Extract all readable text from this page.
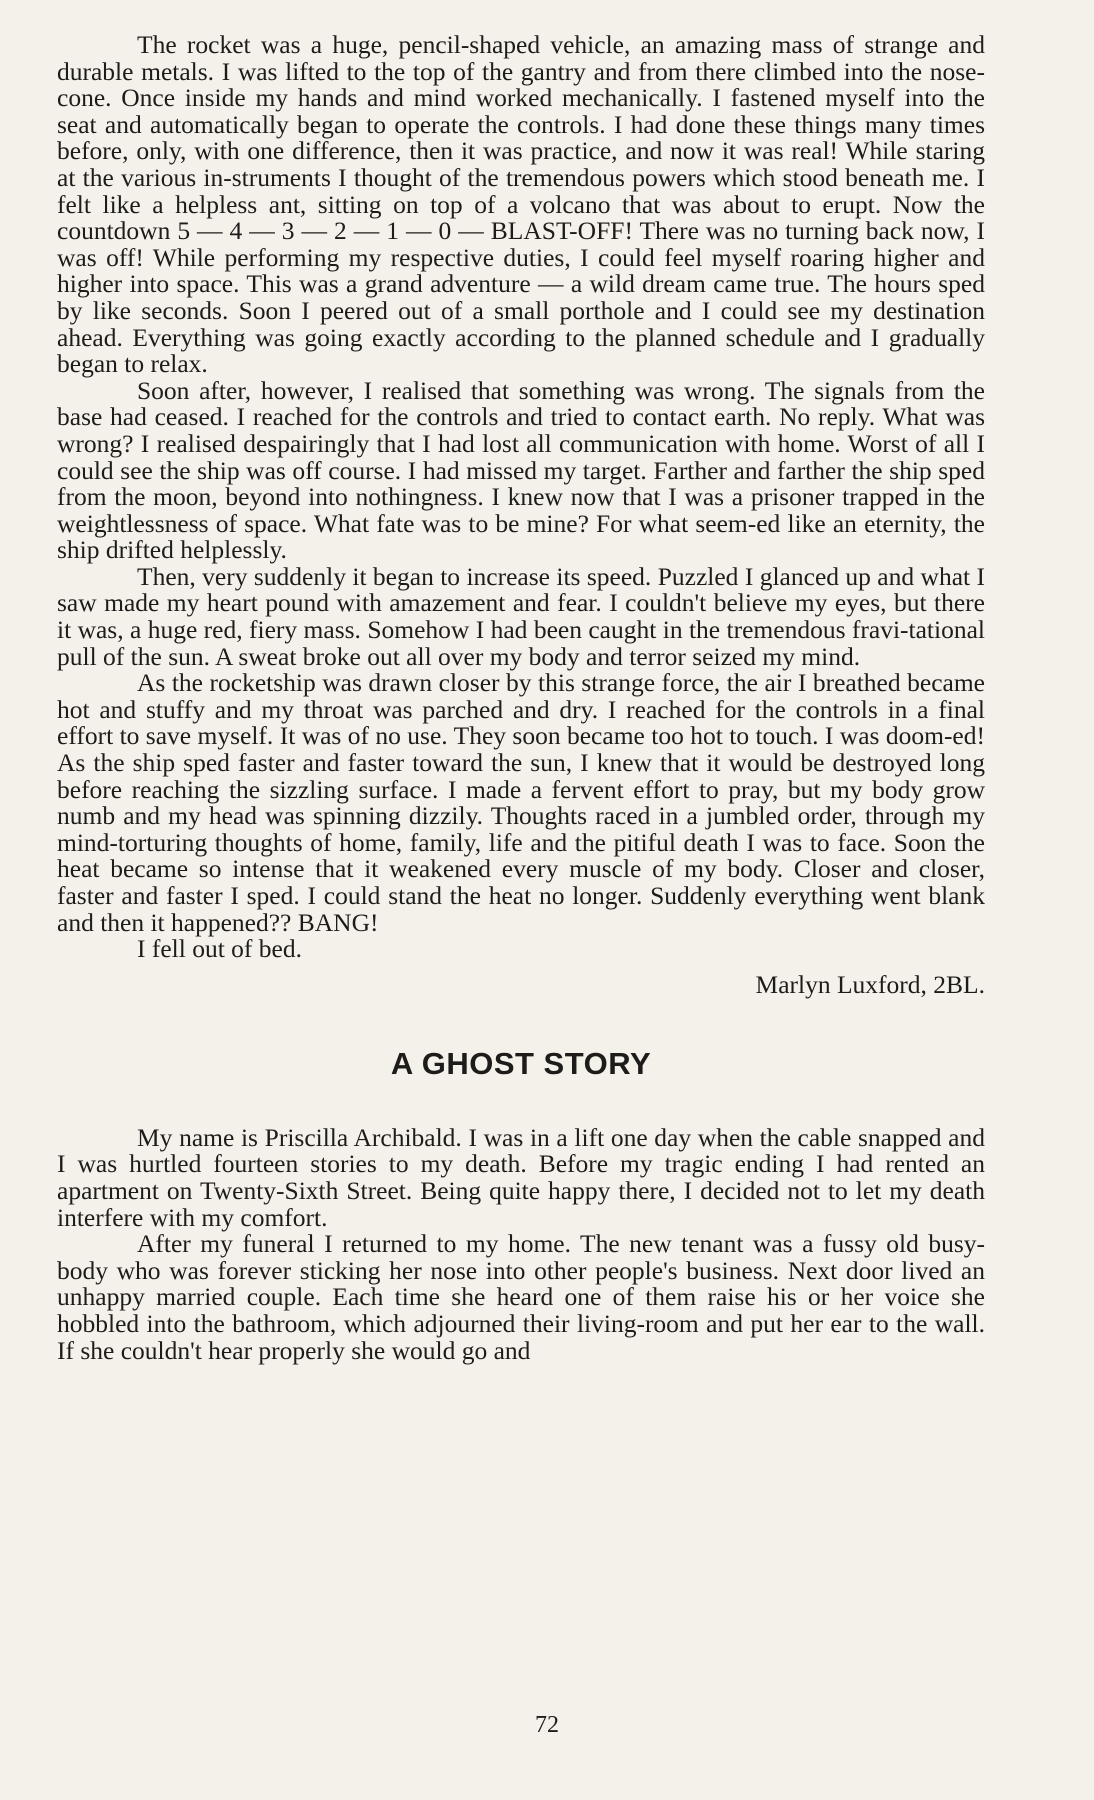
The rocket was a huge, pencil-shaped vehicle, an amazing mass of strange and durable metals. I was lifted to the top of the gantry and from there climbed into the nose-cone. Once inside my hands and mind worked mechanically. I fastened myself into the seat and automatically began to operate the controls. I had done these things many times before, only, with one difference, then it was practice, and now it was real! While staring at the various in-struments I thought of the tremendous powers which stood beneath me. I felt like a helpless ant, sitting on top of a volcano that was about to erupt. Now the countdown 5 — 4 — 3 — 2 — 1 — 0 — BLAST-OFF! There was no turning back now, I was off! While performing my respective duties, I could feel myself roaring higher and higher into space. This was a grand adventure — a wild dream came true. The hours sped by like seconds. Soon I peered out of a small porthole and I could see my destination ahead. Everything was going exactly according to the planned schedule and I gradually began to relax.

Soon after, however, I realised that something was wrong. The signals from the base had ceased. I reached for the controls and tried to contact earth. No reply. What was wrong? I realised despairingly that I had lost all communication with home. Worst of all I could see the ship was off course. I had missed my target. Farther and farther the ship sped from the moon, beyond into nothingness. I knew now that I was a prisoner trapped in the weightlessness of space. What fate was to be mine? For what seem-ed like an eternity, the ship drifted helplessly.

Then, very suddenly it began to increase its speed. Puzzled I glanced up and what I saw made my heart pound with amazement and fear. I couldn't believe my eyes, but there it was, a huge red, fiery mass. Somehow I had been caught in the tremendous fravi-tational pull of the sun. A sweat broke out all over my body and terror seized my mind.

As the rocketship was drawn closer by this strange force, the air I breathed became hot and stuffy and my throat was parched and dry. I reached for the controls in a final effort to save myself. It was of no use. They soon became too hot to touch. I was doom-ed! As the ship sped faster and faster toward the sun, I knew that it would be destroyed long before reaching the sizzling surface. I made a fervent effort to pray, but my body grow numb and my head was spinning dizzily. Thoughts raced in a jumbled order, through my mind-torturing thoughts of home, family, life and the pitiful death I was to face. Soon the heat became so intense that it weakened every muscle of my body. Closer and closer, faster and faster I sped. I could stand the heat no longer. Suddenly everything went blank and then it happened?? BANG!

I fell out of bed.

Marlyn Luxford, 2BL.

A GHOST STORY

My name is Priscilla Archibald. I was in a lift one day when the cable snapped and I was hurtled fourteen stories to my death. Before my tragic ending I had rented an apartment on Twenty-Sixth Street. Being quite happy there, I decided not to let my death interfere with my comfort.

After my funeral I returned to my home. The new tenant was a fussy old busy-body who was forever sticking her nose into other people's business. Next door lived an unhappy married couple. Each time she heard one of them raise his or her voice she hobbled into the bathroom, which adjourned their living-room and put her ear to the wall. If she couldn't hear properly she would go and

72
